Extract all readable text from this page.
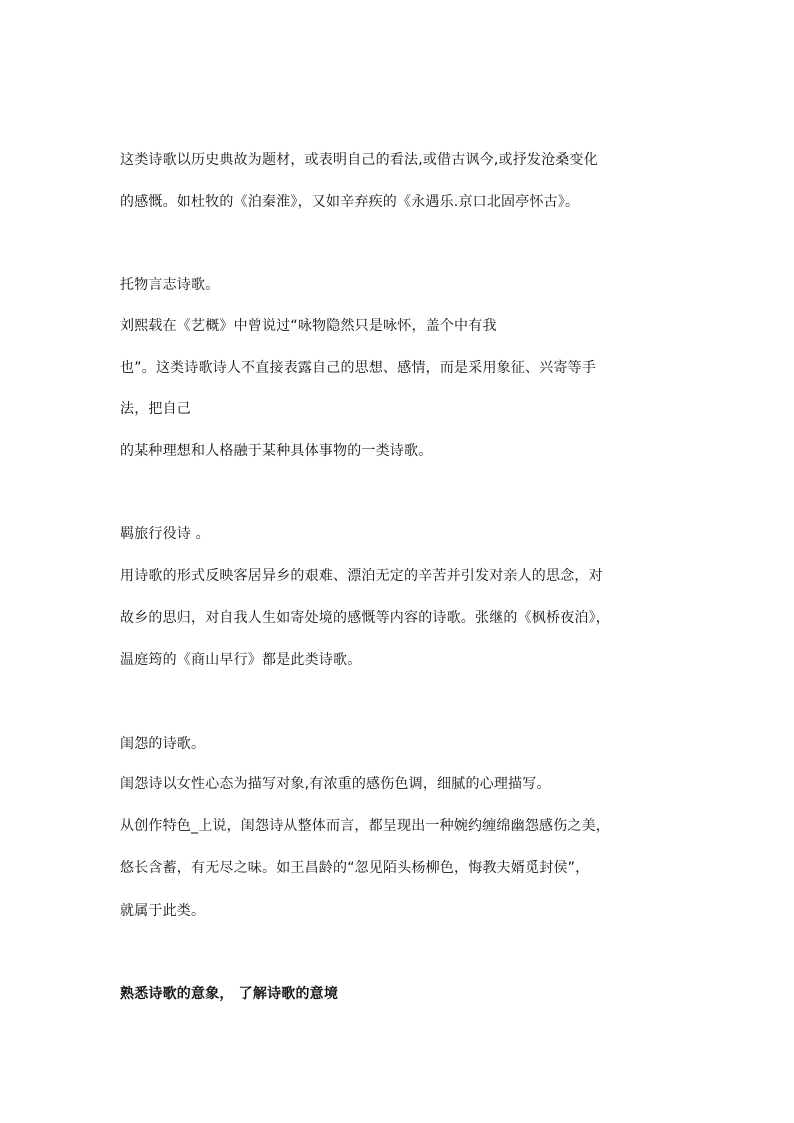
这类诗歌以历史典故为题材，或表明自己的看法,或借古讽今,或抒发沧桑变化
的感慨。如杜牧的《泊秦淮》，又如辛弃疾的《永遇乐.京口北固亭怀古》。
托物言志诗歌。
刘熙载在《艺概》中曾说过“咏物隐然只是咏怀，盖个中有我
也”。这类诗歌诗人不直接表露自己的思想、感情，而是采用象征、兴寄等手
法，把自己
的某种理想和人格融于某种具体事物的一类诗歌。
羁旅行役诗 。
用诗歌的形式反映客居异乡的艰难、漂泊无定的辛苦并引发对亲人的思念，对
故乡的思归，对自我人生如寄处境的感慨等内容的诗歌。张继的《枫桥夜泊》，
温庭筠的《商山早行》都是此类诗歌。
闺怨的诗歌。
闺怨诗以女性心态为描写对象,有浓重的感伤色调，细腻的心理描写。
从创作特色_上说，闺怨诗从整体而言，都呈现出一种婉约缠绵幽怨感伤之美，
悠长含蓄，有无尽之味。如王昌龄的“忽见陌头杨柳色，悔教夫婿觅封侯”，
就属于此类。
熟悉诗歌的意象， 了解诗歌的意境
